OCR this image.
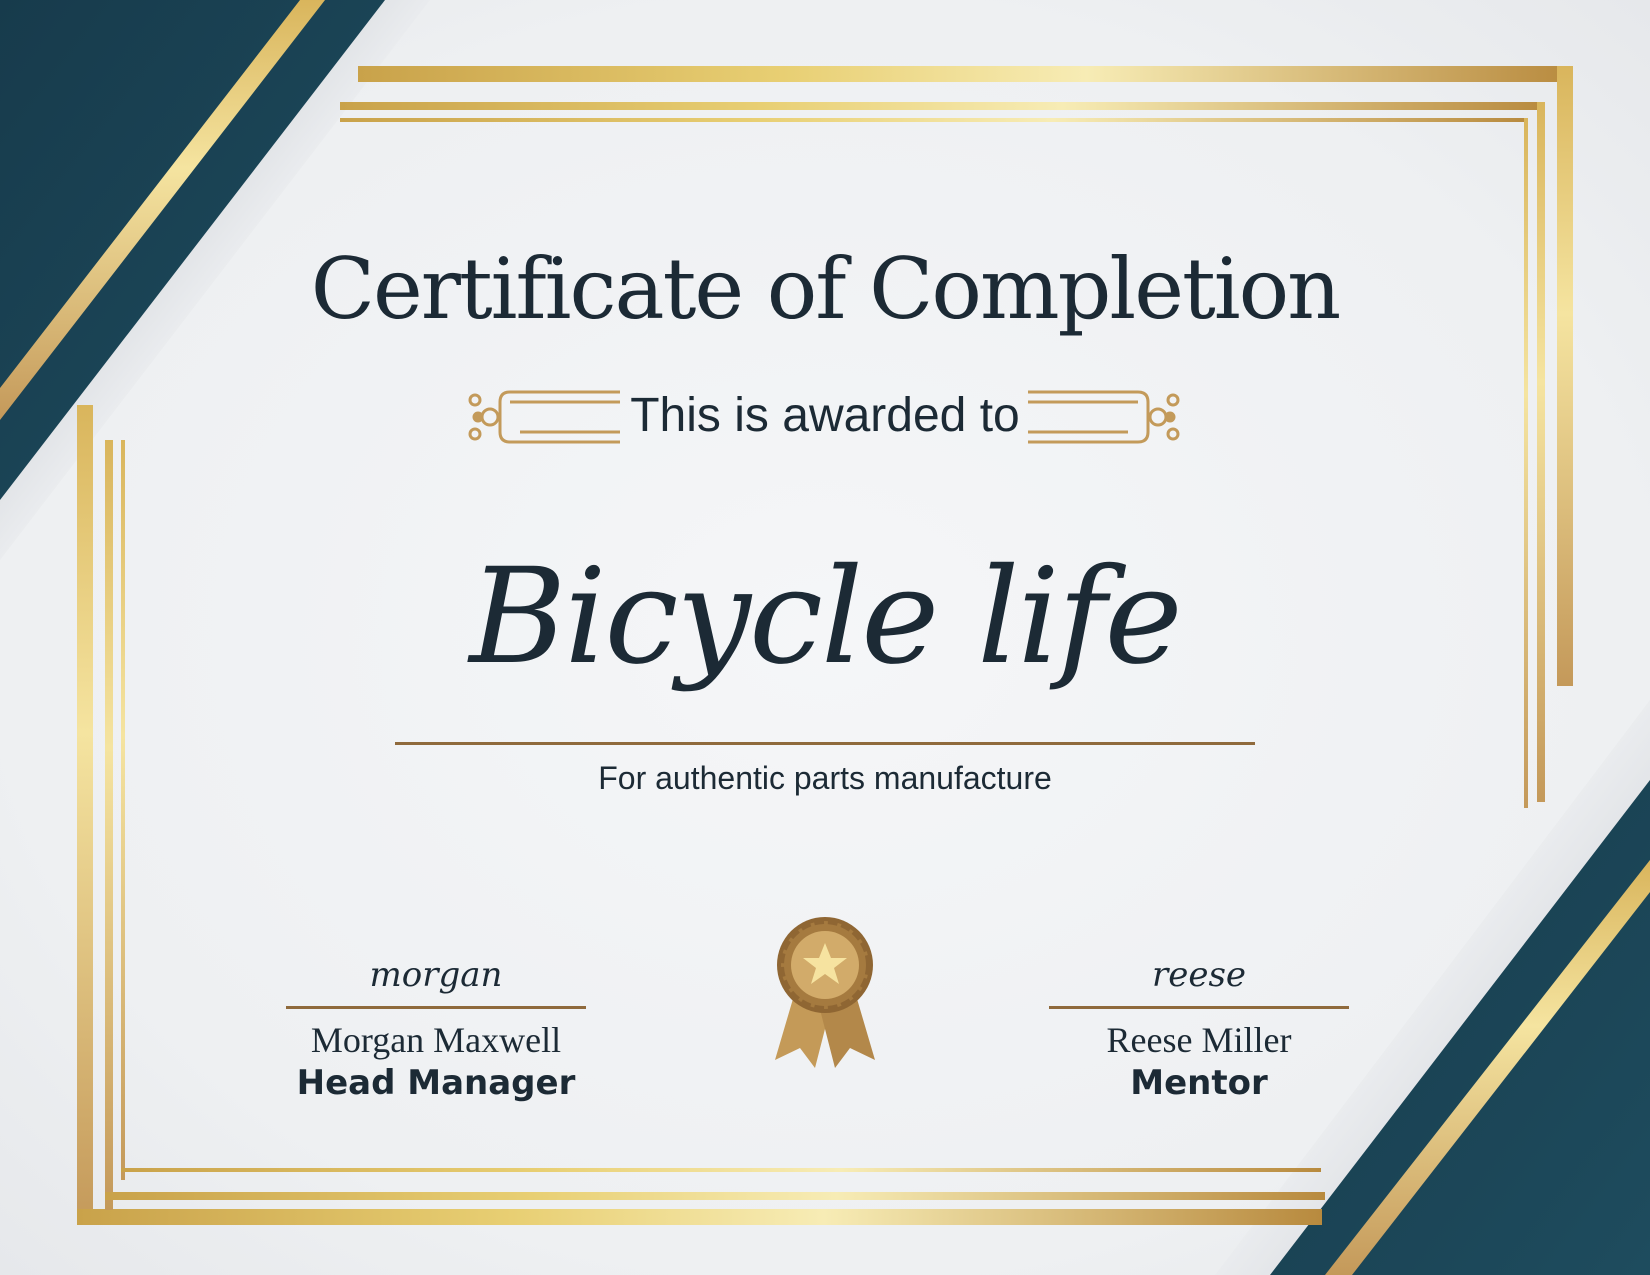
Certificate of Completion
This is awarded to
Bicycle life
For authentic parts manufacture
morgan
Morgan Maxwell
Head Manager
reese
Reese Miller
Mentor
